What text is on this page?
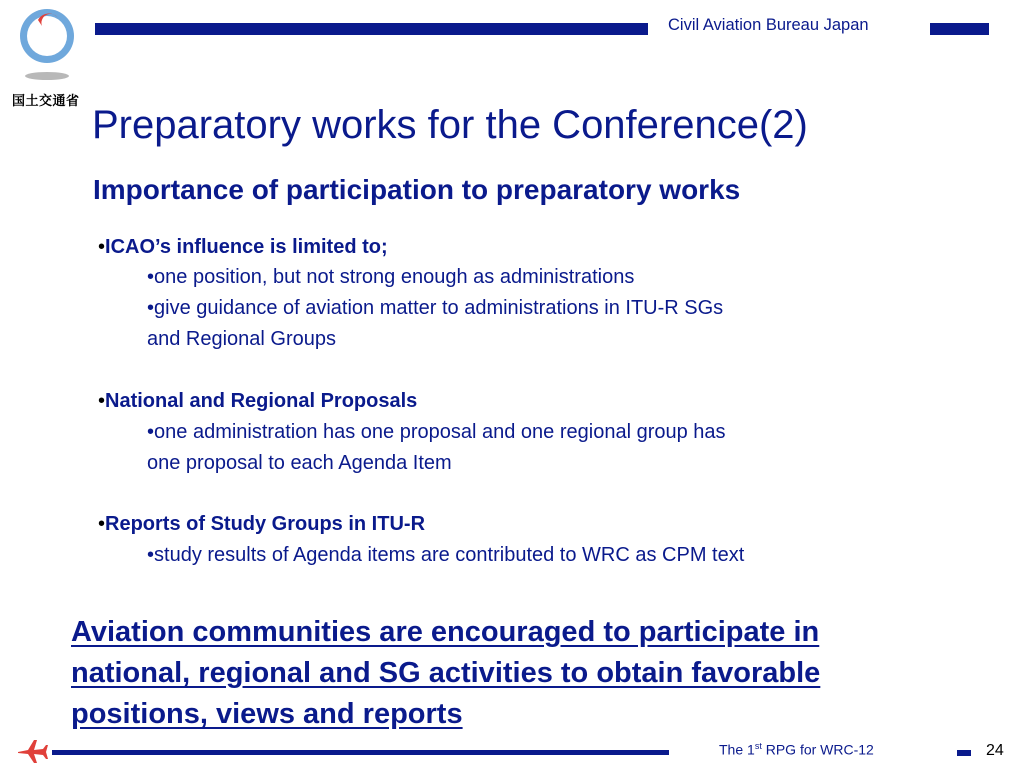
国土交通省
Civil Aviation Bureau Japan
Preparatory works for the Conference(2)
Importance of participation to preparatory works
•ICAO’s influence is limited to;
•one position, but not strong enough as administrations
•give guidance of aviation matter to administrations in ITU-R SGs
and Regional Groups
•National and Regional Proposals
•one administration has one proposal and one regional group has
one proposal to each Agenda Item
•Reports of Study Groups in ITU-R
•study results of Agenda items are contributed to WRC as CPM text
Aviation communities are encouraged to participate in
national, regional and SG activities to obtain favorable
positions, views and reports
The 1st RPG for WRC-12	24
